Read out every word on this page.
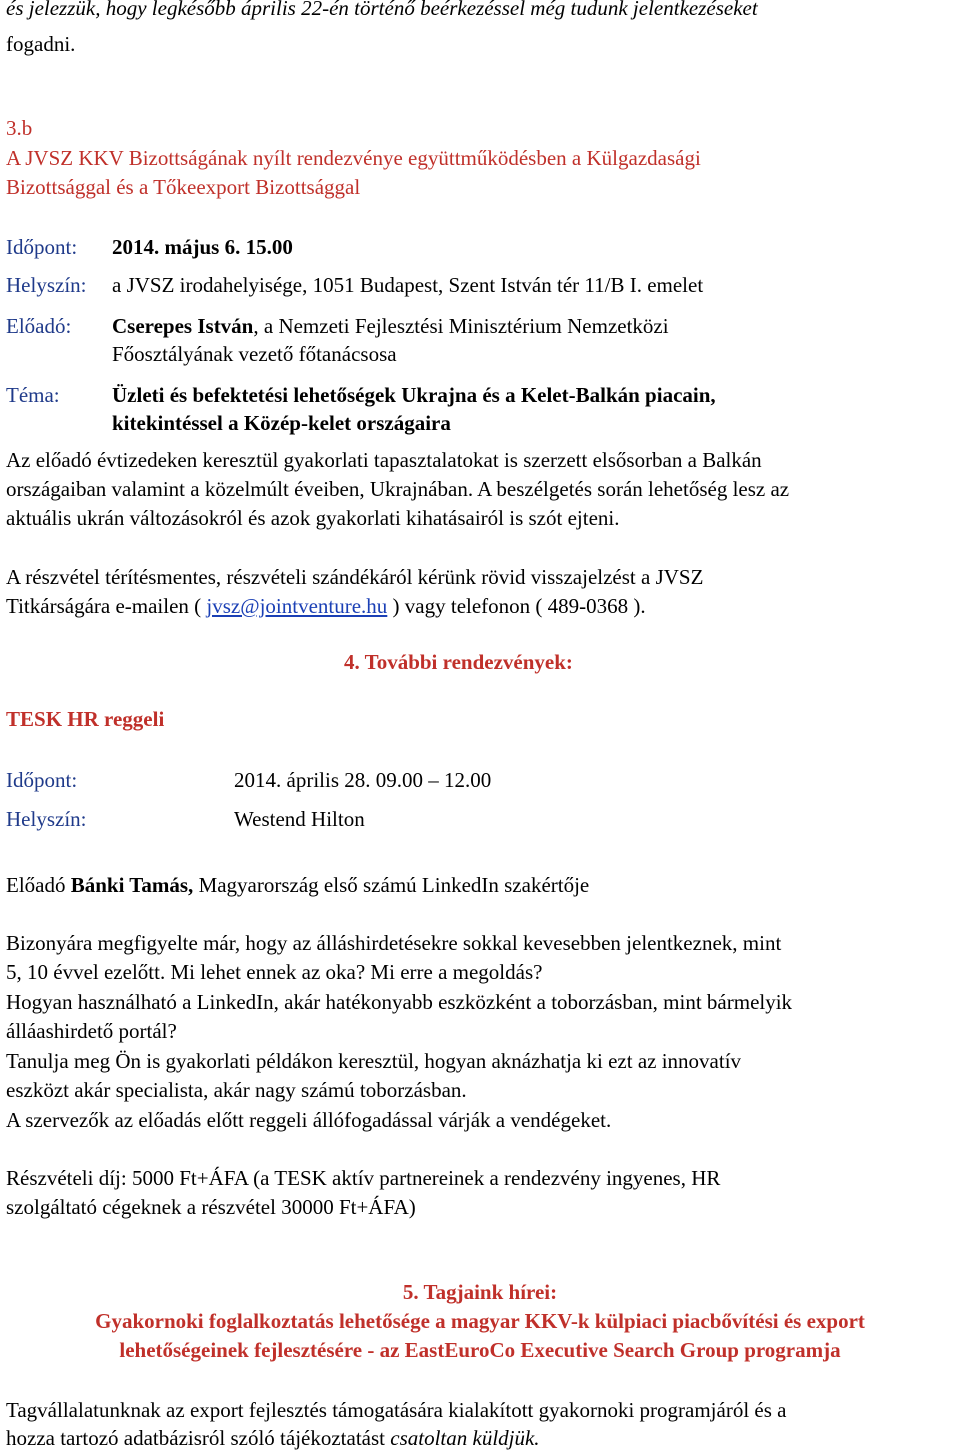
és jelezzük, hogy legkésőbb április 22-én történő beérkezéssel még tudunk jelentkezéseket
fogadni.
3.b
A JVSZ KKV Bizottságának nyílt rendezvénye együttműködésben a Külgazdasági
Bizottsággal és a Tőkeexport Bizottsággal
Időpont: 2014. május 6. 15.00
Helyszín: a JVSZ irodahelyisége, 1051 Budapest, Szent István tér 11/B I. emelet
Előadó: Cserepes István, a Nemzeti Fejlesztési Minisztérium Nemzetközi
Főosztályának vezető főtanácsosa
Téma: Üzleti és befektetési lehetőségek Ukrajna és a Kelet-Balkán piacain,
kitekintéssel a Közép-kelet országaira
Az előadó évtizedeken keresztül gyakorlati tapasztalatokat is szerzett elsősorban a Balkán
országaiban valamint a közelmúlt éveiben, Ukrajnában. A beszélgetés során lehetőség lesz az
aktuális ukrán változásokról és azok gyakorlati kihatásairól is szót ejteni.
A részvétel térítésmentes, részvételi szándékáról kérünk rövid visszajelzést a JVSZ
Titkárságára e-mailen ( jvsz@jointventure.hu ) vagy telefonon ( 489-0368 ).
4. További rendezvények:
TESK HR reggeli
Időpont:	2014. április 28. 09.00 – 12.00
Helyszín:	Westend Hilton
Előadó Bánki Tamás, Magyarország első számú LinkedIn szakértője
Bizonyára megfigyelte már, hogy az álláshirdetésekre sokkal kevesebben jelentkeznek, mint
5, 10 évvel ezelőtt. Mi lehet ennek az oka? Mi erre a megoldás?
Hogyan használható a LinkedIn, akár hatékonyabb eszközként a toborzásban, mint bármelyik
álláashirdető portál?
Tanulja meg Ön is gyakorlati példákon keresztül, hogyan aknázhatja ki ezt az innovatív
eszközt akár specialista, akár nagy számú toborzásban.
A szervezők az előadás előtt reggeli állófogadással várják a vendégeket.
Részvételi díj: 5000 Ft+ÁFA (a TESK aktív partnereinek a rendezvény ingyenes, HR
szolgáltató cégeknek a részvétel 30000 Ft+ÁFA)
5. Tagjaink hírei:
Gyakornoki foglalkoztatás lehetősége a magyar KKV-k külpiaci piacbővítési és export
lehetőségeinek fejlesztésére - az EastEuroCo Executive Search Group programja
Tagvállalatunknak az export fejlesztés támogatására kialakított gyakornoki programjáról és a
hozza tartozó adatbázisról szóló tájékoztatást csatoltan küldjük.
